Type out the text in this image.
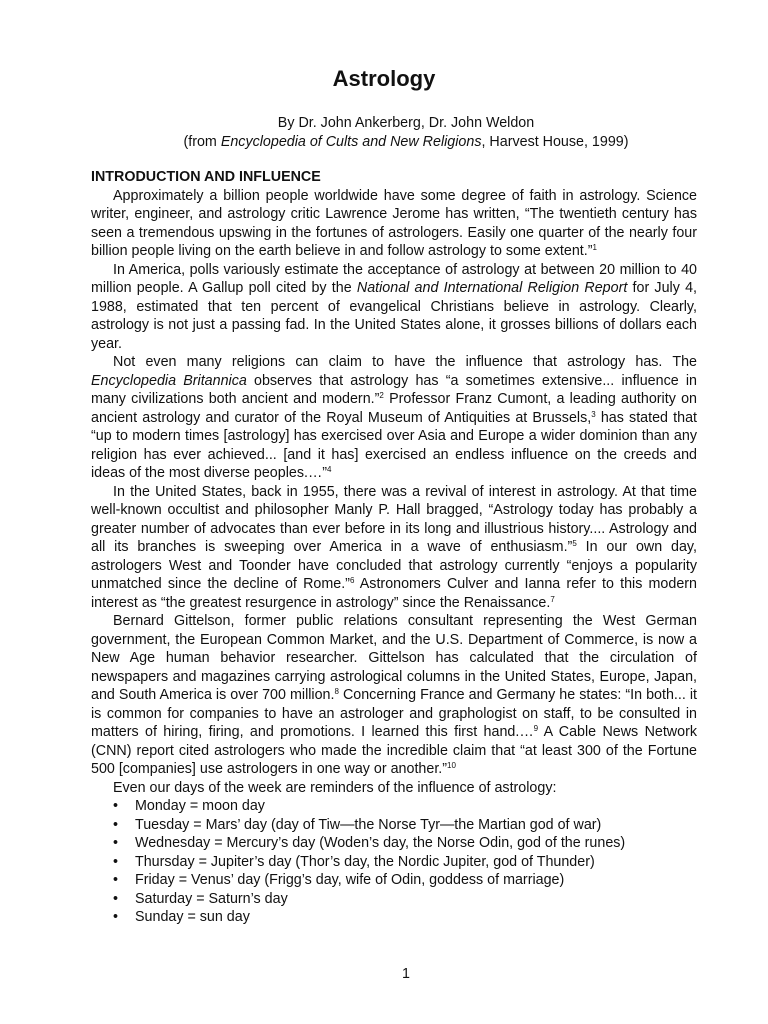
Astrology
By Dr. John Ankerberg, Dr. John Weldon
(from Encyclopedia of Cults and New Religions, Harvest House, 1999)
INTRODUCTION AND INFLUENCE

Approximately a billion people worldwide have some degree of faith in astrology. Science writer, engineer, and astrology critic Lawrence Jerome has written, “The twentieth century has seen a tremendous upswing in the fortunes of astrologers. Easily one quarter of the nearly four billion people living on the earth believe in and follow astrology to some extent.”$^1$

In America, polls variously estimate the acceptance of astrology at between 20 million to 40 million people. A Gallup poll cited by the National and International Religion Report for July 4, 1988, estimated that ten percent of evangelical Christians believe in astrology. Clearly, astrology is not just a passing fad. In the United States alone, it grosses billions of dollars each year.

Not even many religions can claim to have the influence that astrology has. The Encyclopedia Britannica observes that astrology has “a sometimes extensive... influence in many civilizations both ancient and modern.”$^2$ Professor Franz Cumont, a leading authority on ancient astrology and curator of the Royal Museum of Antiquities at Brussels,$^3$ has stated that “up to modern times [astrology] has exercised over Asia and Europe a wider dominion than any religion has ever achieved... [and it has] exercised an endless influence on the creeds and ideas of the most diverse peoples.…”$^4$

In the United States, back in 1955, there was a revival of interest in astrology. At that time well-known occultist and philosopher Manly P. Hall bragged, “Astrology today has probably a greater number of advocates than ever before in its long and illustrious history.... Astrology and all its branches is sweeping over America in a wave of enthusiasm.”$^5$ In our own day, astrologers West and Toonder have concluded that astrology currently “enjoys a popularity unmatched since the decline of Rome.”$^6$ Astronomers Culver and Ianna refer to this modern interest as “the greatest resurgence in astrology” since the Renaissance.$^7$

Bernard Gittelson, former public relations consultant representing the West German government, the European Common Market, and the U.S. Department of Commerce, is now a New Age human behavior researcher. Gittelson has calculated that the circulation of newspapers and magazines carrying astrological columns in the United States, Europe, Japan, and South America is over 700 million.$^8$ Concerning France and Germany he states: “In both... it is common for companies to have an astrologer and graphologist on staff, to be consulted in matters of hiring, firing, and promotions. I learned this first hand.…$^9$ A Cable News Network (CNN) report cited astrologers who made the incredible claim that “at least 300 of the Fortune 500 [companies] use astrologers in one way or another.”$^{10}$

Even our days of the week are reminders of the influence of astrology:

• Monday = moon day
• Tuesday = Mars’ day (day of Tiw—the Norse Tyr—the Martian god of war)
• Wednesday = Mercury’s day (Woden’s day, the Norse Odin, god of the runes)
• Thursday = Jupiter’s day (Thor’s day, the Nordic Jupiter, god of Thunder)
• Friday = Venus’ day (Frigg’s day, wife of Odin, goddess of marriage)
• Saturday = Saturn’s day
• Sunday = sun day
1
